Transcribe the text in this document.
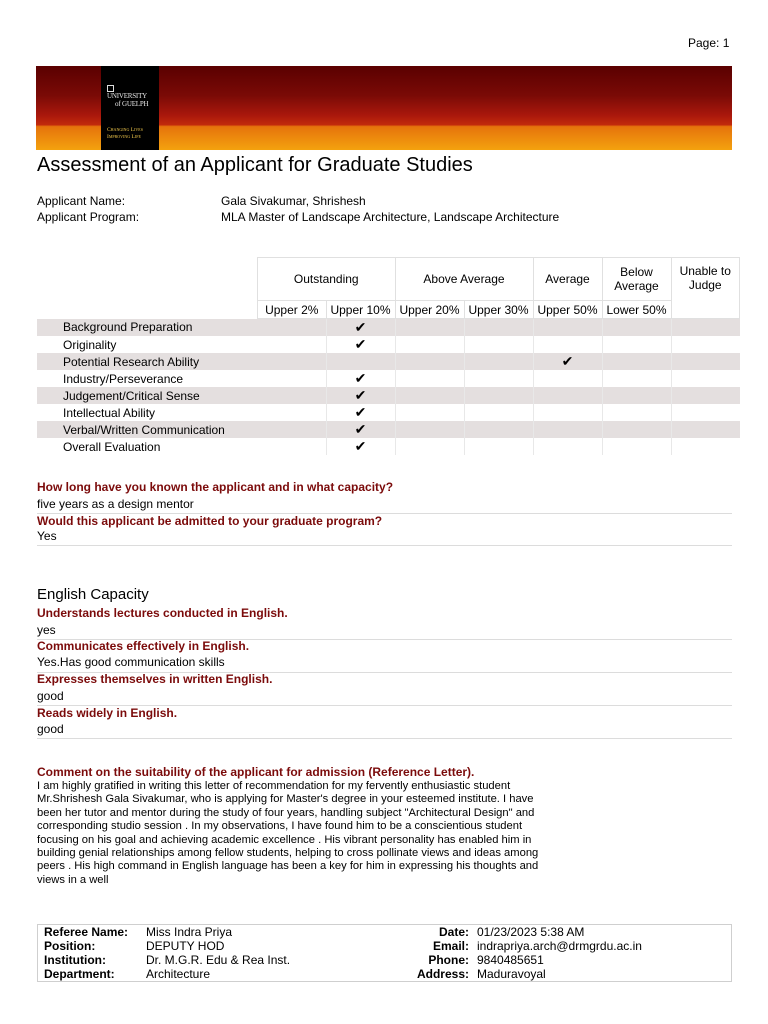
Page: 1
UNIVERSITY
of GUELPH
Changing Lives
Improving Life
Assessment of an Applicant for Graduate Studies
Applicant Name:	Gala Sivakumar, Shrishesh
Applicant Program:	MLA Master of Landscape Architecture, Landscape Architecture
	Outstanding		Above Average		Average	Below Average	Unable to Judge
	Upper 2%	Upper 10%	Upper 20%	Upper 30%	Upper 50%	Lower 50%	
Background Preparation		✔					
Originality		✔					
Potential Research Ability					✔		
Industry/Perseverance		✔					
Judgement/Critical Sense		✔					
Intellectual Ability		✔					
Verbal/Written Communication		✔					
Overall Evaluation		✔					
How long have you known the applicant and in what capacity?
five years as a design mentor
Would this applicant be admitted to your graduate program?
Yes
English Capacity
Understands lectures conducted in English.
yes
Communicates effectively in English.
Yes.Has good communication skills
Expresses themselves in written English.
good
Reads widely in English.
good
Comment on the suitability of the applicant for admission (Reference Letter).
I am highly gratified in writing this letter of recommendation for my fervently enthusiastic student Mr.Shrishesh Gala Sivakumar, who is applying for Master's degree in your esteemed institute. I have been her tutor and mentor during the study of four years, handling subject "Architectural Design" and corresponding studio session . In my observations, I have found him to be a conscientious student focusing on his goal and achieving academic excellence . His vibrant personality has enabled him in building genial relationships among fellow students, helping to cross pollinate views and ideas among peers . His high command in English language has been a key for him in expressing his thoughts and views in a well
Referee Name: Miss Indra Priya
Position:	DEPUTY HOD
Institution:	Dr. M.G.R. Edu & Rea Inst.
Department:	Architecture
Date: 01/23/2023 5:38 AM
Email: indrapriya.arch@drmgrdu.ac.in
Phone: 9840485651
Address: Maduravoyal
